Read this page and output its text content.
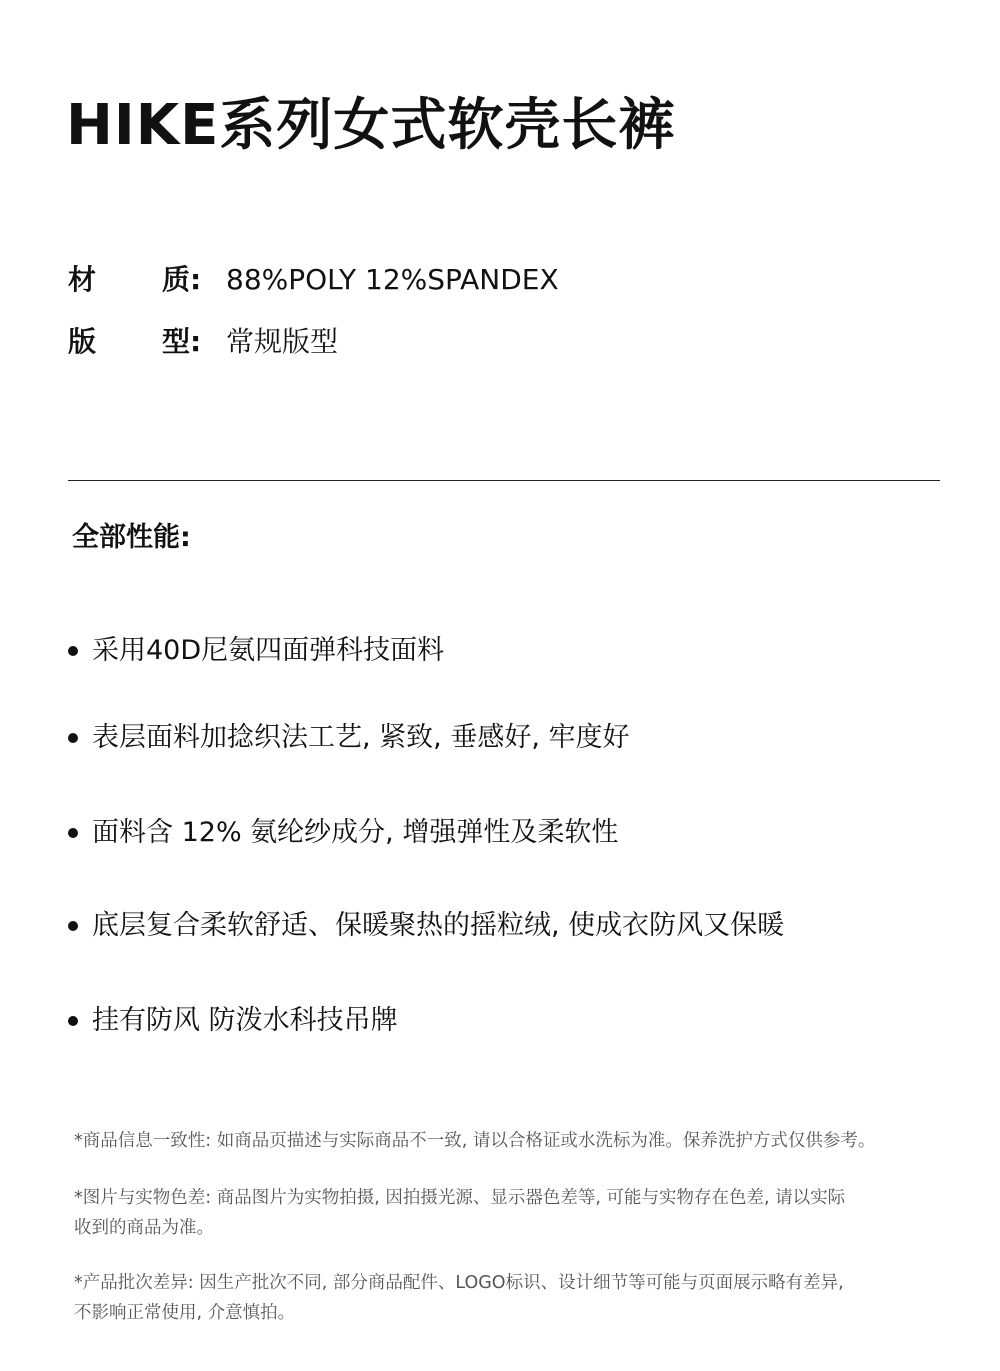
HIKE系列女式软壳长裤
材 质: 88%POLY 12%SPANDEX
版 型: 常规版型
全部性能:
采用40D尼氨四面弹科技面料
表层面料加捻织法工艺, 紧致, 垂感好, 牢度好
面料含 12% 氨纶纱成分, 增强弹性及柔软性
底层复合柔软舒适、保暖聚热的摇粒绒, 使成衣防风又保暖
挂有防风 防泼水科技吊牌
*商品信息一致性: 如商品页描述与实际商品不一致, 请以合格证或水洗标为准。保养洗护方式仅供参考。
*图片与实物色差: 商品图片为实物拍摄, 因拍摄光源、显示器色差等, 可能与实物存在色差, 请以实际
收到的商品为准。
*产品批次差异: 因生产批次不同, 部分商品配件、LOGO标识、设计细节等可能与页面展示略有差异,
不影响正常使用, 介意慎拍。
